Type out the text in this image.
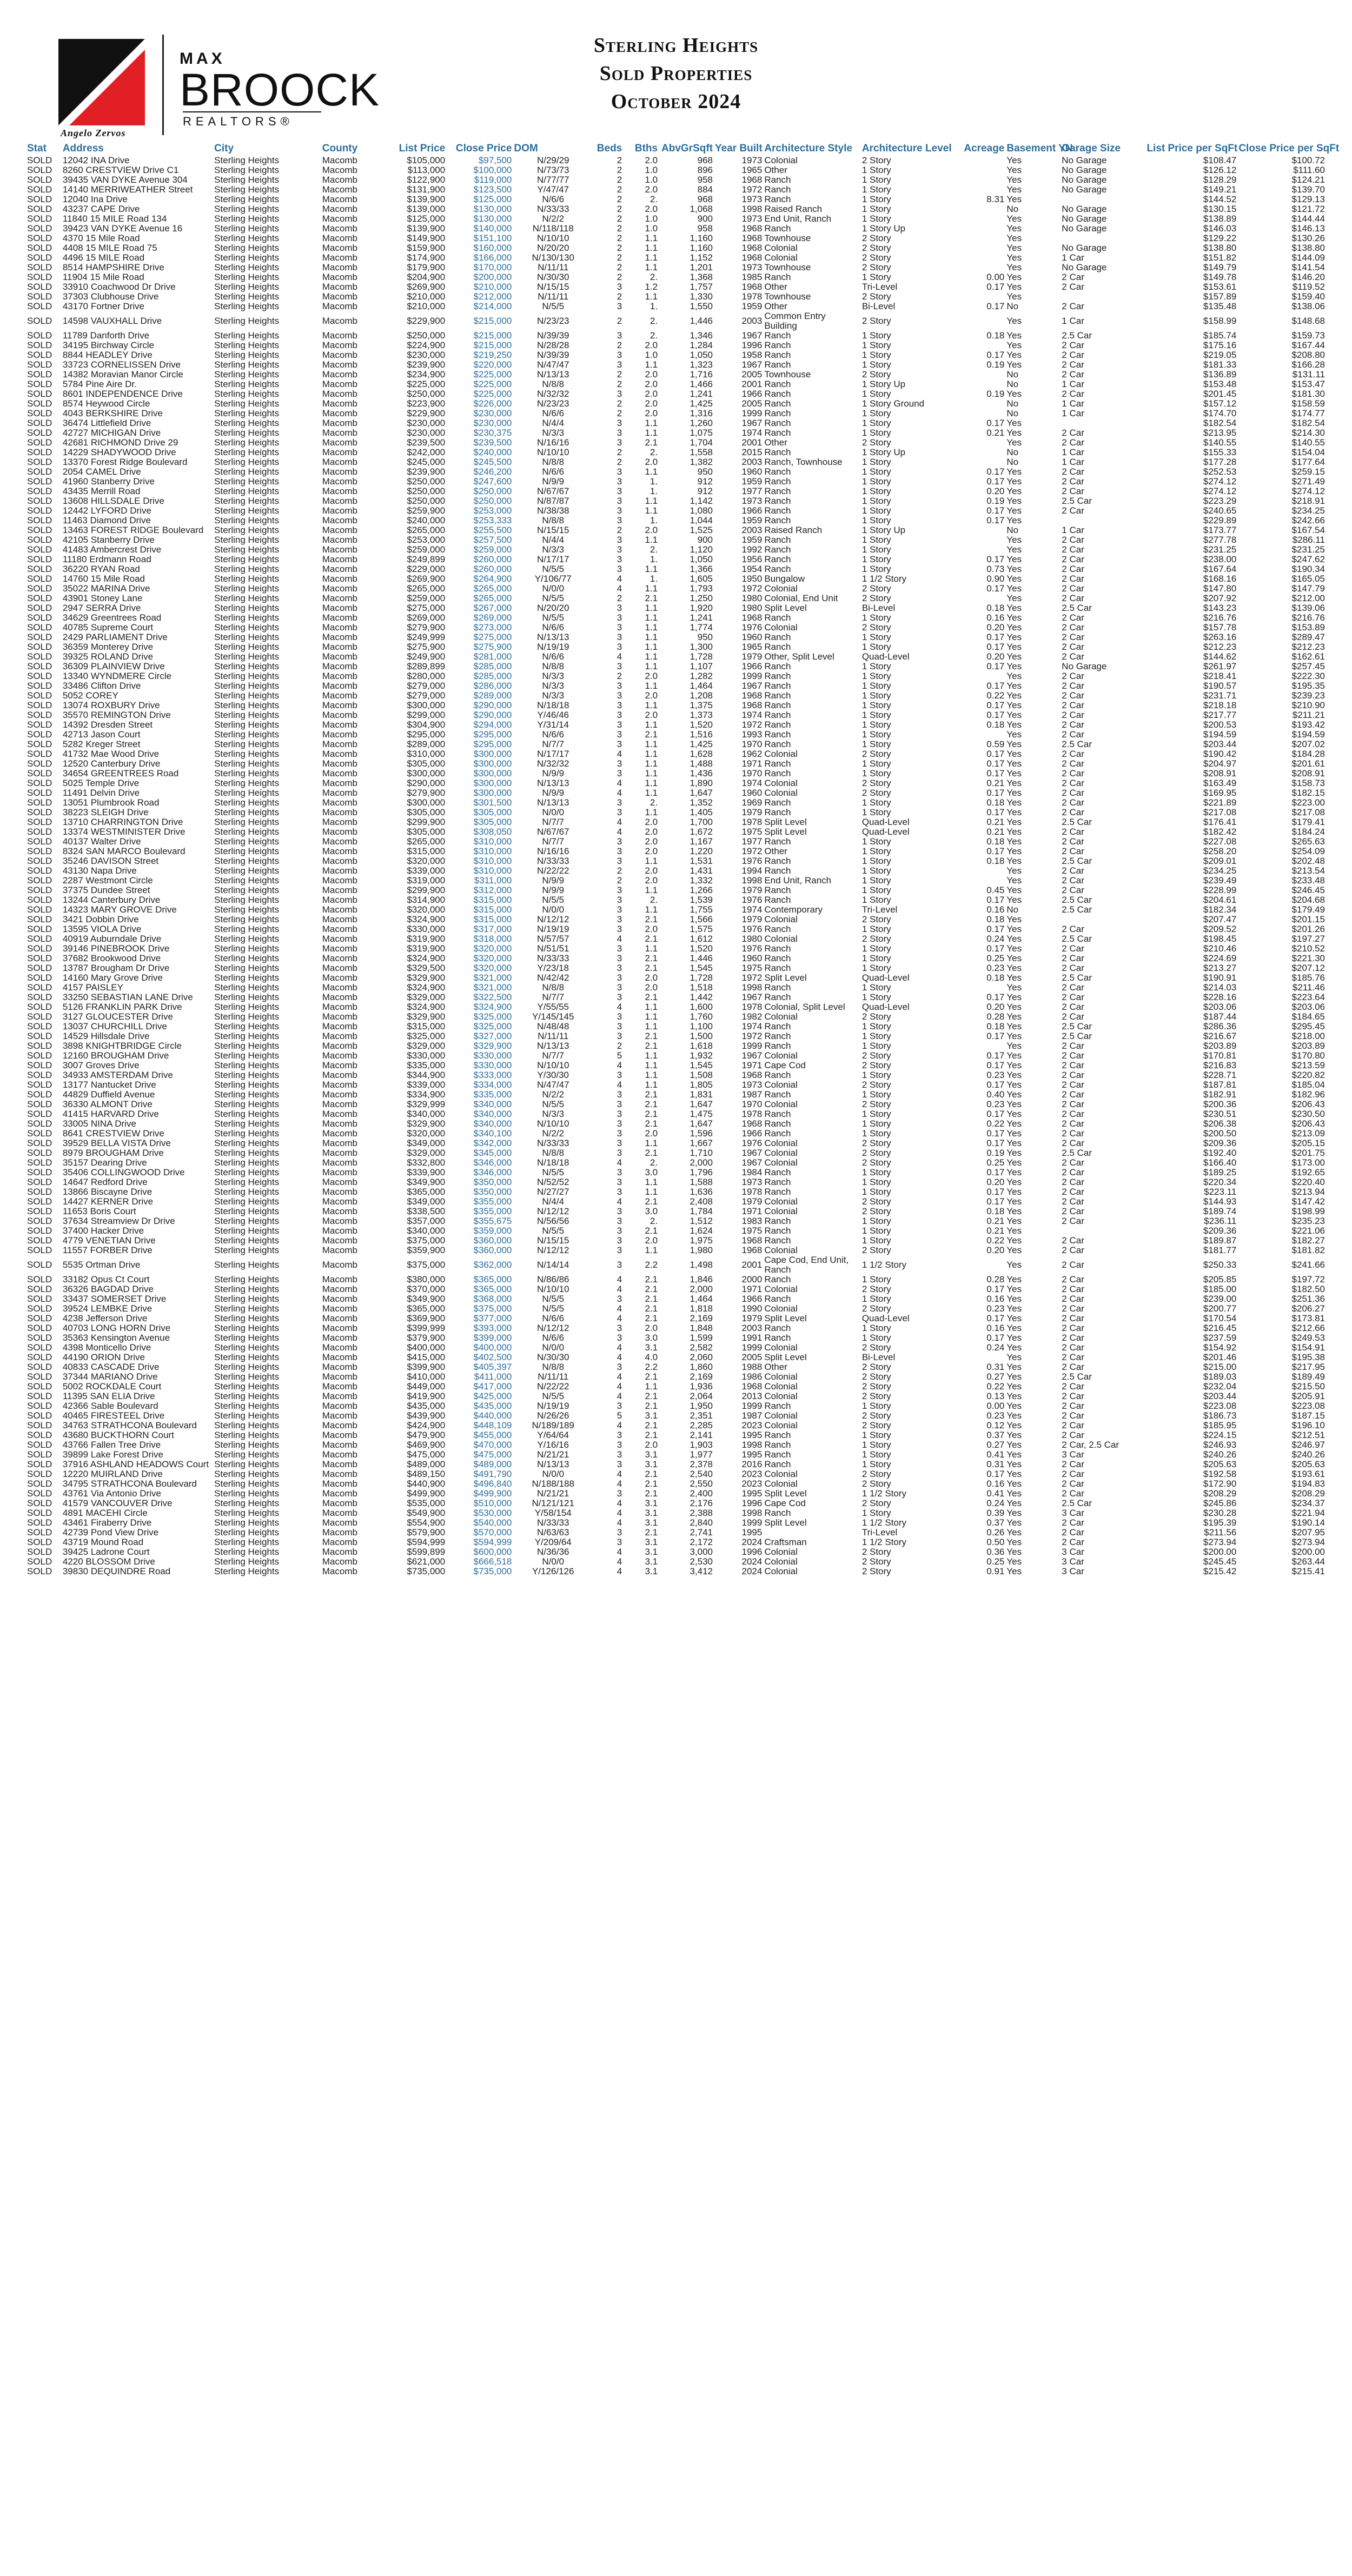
Angelo Zervos
MAX
BROOCK
REALTORS®
Sterling Heights
Sold Properties
October 2024
Stat	Address	City	County	List Price	Close Price	DOM	Beds	Bths	AbvGrSqft	Year Built	Architecture Style	Architecture Level	Acreage	Basement YN	Garage Size	List Price per SqFt	Close Price per SqFt
SOLD	12042 INA Drive	Sterling Heights	Macomb	$105,000	$97,500	N/29/29	2	2.0	968	1973	Colonial	2 Story		Yes	No Garage	$108.47	$100.72
SOLD	8260 CRESTVIEW Drive C1	Sterling Heights	Macomb	$113,000	$100,000	N/73/73	2	1.0	896	1965	Other	1 Story		Yes	No Garage	$126.12	$111.60
SOLD	39435 VAN DYKE Avenue 304	Sterling Heights	Macomb	$122,900	$119,000	N/77/77	2	1.0	958	1968	Ranch	1 Story		Yes	No Garage	$128.29	$124.21
SOLD	14140 MERRIWEATHER Street	Sterling Heights	Macomb	$131,900	$123,500	Y/47/47	2	2.0	884	1972	Ranch	1 Story		Yes	No Garage	$149.21	$139.70
SOLD	12040 Ina Drive	Sterling Heights	Macomb	$139,900	$125,000	N/6/6	2	2.	968	1973	Ranch	1 Story	8.31	Yes		$144.52	$129.13
SOLD	43237 CAPE Drive	Sterling Heights	Macomb	$139,000	$130,000	N/33/33	2	2.0	1,068	1998	Raised Ranch	1 Story		No	No Garage	$130.15	$121.72
SOLD	11840 15 MILE Road 134	Sterling Heights	Macomb	$125,000	$130,000	N/2/2	2	1.0	900	1973	End Unit, Ranch	1 Story		Yes	No Garage	$138.89	$144.44
SOLD	39423 VAN DYKE Avenue 16	Sterling Heights	Macomb	$139,900	$140,000	N/118/118	2	1.0	958	1968	Ranch	1 Story Up		Yes	No Garage	$146.03	$146.13
SOLD	4370 15 Mile Road	Sterling Heights	Macomb	$149,900	$151,100	N/10/10	2	1.1	1,160	1968	Townhouse	2 Story		Yes		$129.22	$130.26
SOLD	4408 15 MILE Road 75	Sterling Heights	Macomb	$159,900	$160,000	N/20/20	2	1.1	1,160	1968	Colonial	2 Story		Yes	No Garage	$138.80	$138.80
SOLD	4496 15 MILE Road	Sterling Heights	Macomb	$174,900	$166,000	N/130/130	2	1.1	1,152	1968	Colonial	2 Story		Yes	1 Car	$151.82	$144.09
SOLD	8514 HAMPSHIRE Drive	Sterling Heights	Macomb	$179,900	$170,000	N/11/11	2	1.1	1,201	1973	Townhouse	2 Story		Yes	No Garage	$149.79	$141.54
SOLD	11904 15 Mile Road	Sterling Heights	Macomb	$204,900	$200,000	N/30/30	2	2.	1,368	1985	Ranch	1 Story	0.00	Yes	2 Car	$149.78	$146.20
SOLD	33910 Coachwood Dr Drive	Sterling Heights	Macomb	$269,900	$210,000	N/15/15	3	1.2	1,757	1968	Other	Tri-Level	0.17	Yes	2 Car	$153.61	$119.52
SOLD	37303 Clubhouse Drive	Sterling Heights	Macomb	$210,000	$212,000	N/11/11	2	1.1	1,330	1978	Townhouse	2 Story		Yes		$157.89	$159.40
SOLD	43170 Fortner Drive	Sterling Heights	Macomb	$210,000	$214,000	N/5/5	3	1.	1,550	1959	Other	Bi-Level	0.17	No	2 Car	$135.48	$138.06
SOLD	14598 VAUXHALL Drive	Sterling Heights	Macomb	$229,900	$215,000	N/23/23	2	2.	1,446	2003	Common Entry Building	2 Story		Yes	1 Car	$158.99	$148.68
SOLD	11789 Danforth Drive	Sterling Heights	Macomb	$250,000	$215,000	N/39/39	3	2.	1,346	1967	Ranch	1 Story	0.18	Yes	2.5 Car	$185.74	$159.73
SOLD	34195 Birchway Circle	Sterling Heights	Macomb	$224,900	$215,000	N/28/28	2	2.0	1,284	1996	Ranch	1 Story		Yes	2 Car	$175.16	$167.44
SOLD	8844 HEADLEY Drive	Sterling Heights	Macomb	$230,000	$219,250	N/39/39	3	1.0	1,050	1958	Ranch	1 Story	0.17	Yes	2 Car	$219.05	$208.80
SOLD	33723 CORNELISSEN Drive	Sterling Heights	Macomb	$239,900	$220,000	N/47/47	3	1.1	1,323	1967	Ranch	1 Story	0.19	Yes	2 Car	$181.33	$166.28
SOLD	14382 Moravian Manor Circle	Sterling Heights	Macomb	$234,900	$225,000	N/13/13	2	2.0	1,716	2005	Townhouse	2 Story		No	2 Car	$136.89	$131.11
SOLD	5784 Pine Aire Dr.	Sterling Heights	Macomb	$225,000	$225,000	N/8/8	2	2.0	1,466	2001	Ranch	1 Story Up		No	1 Car	$153.48	$153.47
SOLD	8601 INDEPENDENCE Drive	Sterling Heights	Macomb	$250,000	$225,000	N/32/32	3	2.0	1,241	1966	Ranch	1 Story	0.19	Yes	2 Car	$201.45	$181.30
SOLD	8574 Heywood Circle	Sterling Heights	Macomb	$223,900	$226,000	N/23/23	2	2.0	1,425	2005	Ranch	1 Story Ground		No	1 Car	$157.12	$158.59
SOLD	4043 BERKSHIRE Drive	Sterling Heights	Macomb	$229,900	$230,000	N/6/6	2	2.0	1,316	1999	Ranch	1 Story		No	1 Car	$174.70	$174.77
SOLD	36474 Littlefield Drive	Sterling Heights	Macomb	$230,000	$230,000	N/4/4	3	1.1	1,260	1967	Ranch	1 Story	0.17	Yes		$182.54	$182.54
SOLD	42727 MICHIGAN Drive	Sterling Heights	Macomb	$230,000	$230,375	N/3/3	3	1.1	1,075	1974	Ranch	1 Story	0.21	Yes	2 Car	$213.95	$214.30
SOLD	42681 RICHMOND Drive 29	Sterling Heights	Macomb	$239,500	$239,500	N/16/16	3	2.1	1,704	2001	Other	2 Story		Yes	2 Car	$140.55	$140.55
SOLD	14229 SHADYWOOD Drive	Sterling Heights	Macomb	$242,000	$240,000	N/10/10	2	2.	1,558	2015	Ranch	1 Story Up		No	1 Car	$155.33	$154.04
SOLD	13370 Forest Ridge Boulevard	Sterling Heights	Macomb	$245,000	$245,500	N/8/8	2	2.0	1,382	2003	Ranch, Townhouse	1 Story		No	1 Car	$177.28	$177.64
SOLD	2054 CAMEL Drive	Sterling Heights	Macomb	$239,900	$246,200	N/6/6	3	1.1	950	1960	Ranch	1 Story	0.17	Yes	2 Car	$252.53	$259.15
SOLD	41960 Stanberry Drive	Sterling Heights	Macomb	$250,000	$247,600	N/9/9	3	1.	912	1959	Ranch	1 Story	0.17	Yes	2 Car	$274.12	$271.49
SOLD	43435 Merrill Road	Sterling Heights	Macomb	$250,000	$250,000	N/67/67	3	1.	912	1977	Ranch	1 Story	0.20	Yes	2 Car	$274.12	$274.12
SOLD	13608 HILLSDALE Drive	Sterling Heights	Macomb	$250,000	$250,000	N/87/87	3	1.1	1,142	1973	Ranch	1 Story	0.19	Yes	2.5 Car	$223.29	$218.91
SOLD	12442 LYFORD Drive	Sterling Heights	Macomb	$259,900	$253,000	N/38/38	3	1.1	1,080	1966	Ranch	1 Story	0.17	Yes	2 Car	$240.65	$234.25
SOLD	11463 Diamond Drive	Sterling Heights	Macomb	$240,000	$253,333	N/8/8	3	1.	1,044	1959	Ranch	1 Story	0.17	Yes		$229.89	$242.66
SOLD	13463 FOREST RIDGE Boulevard	Sterling Heights	Macomb	$265,000	$255,500	N/15/15	2	2.0	1,525	2003	Raised Ranch	1 Story Up		No	1 Car	$173.77	$167.54
SOLD	42105 Stanberry Drive	Sterling Heights	Macomb	$253,000	$257,500	N/4/4	3	1.1	900	1959	Ranch	1 Story		Yes	2 Car	$277.78	$286.11
SOLD	41483 Ambercrest Drive	Sterling Heights	Macomb	$259,000	$259,000	N/3/3	3	2.	1,120	1992	Ranch	1 Story		Yes	2 Car	$231.25	$231.25
SOLD	11180 Erdmann Road	Sterling Heights	Macomb	$249,899	$260,000	N/17/17	3	1.	1,050	1956	Ranch	1 Story	0.17	Yes	2 Car	$238.00	$247.62
SOLD	36220 RYAN Road	Sterling Heights	Macomb	$229,000	$260,000	N/5/5	3	1.1	1,366	1954	Ranch	1 Story	0.73	Yes	2 Car	$167.64	$190.34
SOLD	14760 15 Mile Road	Sterling Heights	Macomb	$269,900	$264,900	Y/106/77	4	1.	1,605	1950	Bungalow	1 1/2 Story	0.90	Yes	2 Car	$168.16	$165.05
SOLD	35022 MARINA Drive	Sterling Heights	Macomb	$265,000	$265,000	N/0/0	4	1.1	1,793	1972	Colonial	2 Story	0.17	Yes	2 Car	$147.80	$147.79
SOLD	43901 Stoney Lane	Sterling Heights	Macomb	$259,000	$265,000	N/5/5	2	2.1	1,250	1980	Colonial, End Unit	2 Story		Yes	2 Car	$207.92	$212.00
SOLD	2947 SERRA Drive	Sterling Heights	Macomb	$275,000	$267,000	N/20/20	3	1.1	1,920	1980	Split Level	Bi-Level	0.18	Yes	2.5 Car	$143.23	$139.06
SOLD	34629 Greentrees Road	Sterling Heights	Macomb	$269,000	$269,000	N/5/5	3	1.1	1,241	1968	Ranch	1 Story	0.16	Yes	2 Car	$216.76	$216.76
SOLD	40785 Supreme Court	Sterling Heights	Macomb	$279,900	$273,000	N/6/6	3	1.1	1,774	1976	Colonial	2 Story	0.20	Yes	2 Car	$157.78	$153.89
SOLD	2429 PARLIAMENT Drive	Sterling Heights	Macomb	$249,999	$275,000	N/13/13	3	1.1	950	1960	Ranch	1 Story	0.17	Yes	2 Car	$263.16	$289.47
SOLD	36359 Monterey Drive	Sterling Heights	Macomb	$275,900	$275,900	N/19/19	3	1.1	1,300	1965	Ranch	1 Story	0.17	Yes	2 Car	$212.23	$212.23
SOLD	39325 ROLAND Drive	Sterling Heights	Macomb	$249,900	$281,000	N/6/6	4	1.1	1,728	1979	Other, Split Level	Quad-Level	0.20	Yes	2 Car	$144.62	$162.61
SOLD	36309 PLAINVIEW Drive	Sterling Heights	Macomb	$289,899	$285,000	N/8/8	3	1.1	1,107	1966	Ranch	1 Story	0.17	Yes	No Garage	$261.97	$257.45
SOLD	13340 WYNDMERE Circle	Sterling Heights	Macomb	$280,000	$285,000	N/3/3	2	2.0	1,282	1999	Ranch	1 Story		Yes	2 Car	$218.41	$222.30
SOLD	33486 Clifton Drive	Sterling Heights	Macomb	$279,000	$286,000	N/3/3	3	1.1	1,464	1967	Ranch	1 Story	0.17	Yes	2 Car	$190.57	$195.35
SOLD	5052 COREY	Sterling Heights	Macomb	$279,000	$289,000	N/3/3	3	2.0	1,208	1968	Ranch	1 Story	0.22	Yes	2 Car	$231.71	$239.23
SOLD	13074 ROXBURY Drive	Sterling Heights	Macomb	$300,000	$290,000	N/18/18	3	1.1	1,375	1968	Ranch	1 Story	0.17	Yes	2 Car	$218.18	$210.90
SOLD	35570 REMINGTON Drive	Sterling Heights	Macomb	$299,000	$290,000	Y/46/46	3	2.0	1,373	1974	Ranch	1 Story	0.17	Yes	2 Car	$217.77	$211.21
SOLD	14392 Dresden Street	Sterling Heights	Macomb	$304,900	$294,000	Y/31/14	3	1.1	1,520	1972	Ranch	1 Story	0.18	Yes	2 Car	$200.53	$193.42
SOLD	42713 Jason Court	Sterling Heights	Macomb	$295,000	$295,000	N/6/6	3	2.1	1,516	1993	Ranch	1 Story		Yes	2 Car	$194.59	$194.59
SOLD	5282 Kreger Street	Sterling Heights	Macomb	$289,000	$295,000	N/7/7	3	1.1	1,425	1970	Ranch	1 Story	0.59	Yes	2.5 Car	$203.44	$207.02
SOLD	41732 Mae Wood Drive	Sterling Heights	Macomb	$310,000	$300,000	N/17/17	4	1.1	1,628	1962	Colonial	2 Story	0.17	Yes	2 Car	$190.42	$184.28
SOLD	12520 Canterbury Drive	Sterling Heights	Macomb	$305,000	$300,000	N/32/32	3	1.1	1,488	1971	Ranch	1 Story	0.17	Yes	2 Car	$204.97	$201.61
SOLD	34654 GREENTREES Road	Sterling Heights	Macomb	$300,000	$300,000	N/9/9	3	1.1	1,436	1970	Ranch	1 Story	0.17	Yes	2 Car	$208.91	$208.91
SOLD	5025 Temple Drive	Sterling Heights	Macomb	$290,000	$300,000	N/13/13	4	1.1	1,890	1974	Colonial	2 Story	0.21	Yes	2 Car	$163.49	$158.73
SOLD	11491 Delvin Drive	Sterling Heights	Macomb	$279,900	$300,000	N/9/9	4	1.1	1,647	1960	Colonial	2 Story	0.17	Yes	2 Car	$169.95	$182.15
SOLD	13051 Plumbrook Road	Sterling Heights	Macomb	$300,000	$301,500	N/13/13	3	2.	1,352	1969	Ranch	1 Story	0.18	Yes	2 Car	$221.89	$223.00
SOLD	38223 SLEIGH Drive	Sterling Heights	Macomb	$305,000	$305,000	N/0/0	3	1.1	1,405	1979	Ranch	1 Story	0.17	Yes	2 Car	$217.08	$217.08
SOLD	13710 CHARRINGTON Drive	Sterling Heights	Macomb	$299,900	$305,000	N/7/7	4	2.0	1,700	1978	Split Level	Quad-Level	0.21	Yes	2.5 Car	$176.41	$179.41
SOLD	13374 WESTMINISTER Drive	Sterling Heights	Macomb	$305,000	$308,050	N/67/67	4	2.0	1,672	1975	Split Level	Quad-Level	0.21	Yes	2 Car	$182.42	$184.24
SOLD	40137 Walter Drive	Sterling Heights	Macomb	$265,000	$310,000	N/7/7	3	2.0	1,167	1977	Ranch	1 Story	0.18	Yes	2 Car	$227.08	$265.63
SOLD	8324 SAN MARCO Boulevard	Sterling Heights	Macomb	$315,000	$310,000	N/16/16	3	2.0	1,220	1972	Other	1 Story	0.17	Yes	2 Car	$258.20	$254.09
SOLD	35246 DAVISON Street	Sterling Heights	Macomb	$320,000	$310,000	N/33/33	3	1.1	1,531	1976	Ranch	1 Story	0.18	Yes	2.5 Car	$209.01	$202.48
SOLD	43130 Napa Drive	Sterling Heights	Macomb	$339,000	$310,000	N/22/22	2	2.0	1,431	1994	Ranch	1 Story		Yes	2 Car	$234.25	$213.54
SOLD	2287 Westmont Circle	Sterling Heights	Macomb	$319,000	$311,000	N/9/9	2	2.0	1,332	1998	End Unit, Ranch	1 Story		Yes	2 Car	$239.49	$233.48
SOLD	37375 Dundee Street	Sterling Heights	Macomb	$299,900	$312,000	N/9/9	3	1.1	1,266	1979	Ranch	1 Story	0.45	Yes	2 Car	$228.99	$246.45
SOLD	13244 Canterbury Drive	Sterling Heights	Macomb	$314,900	$315,000	N/5/5	3	2.	1,539	1976	Ranch	1 Story	0.17	Yes	2.5 Car	$204.61	$204.68
SOLD	14323 MARY GROVE Drive	Sterling Heights	Macomb	$320,000	$315,000	N/0/0	3	1.1	1,755	1974	Contemporary	Tri-Level	0.16	No	2.5 Car	$182.34	$179.49
SOLD	3421 Dobbin Drive	Sterling Heights	Macomb	$324,900	$315,000	N/12/12	3	2.1	1,566	1979	Colonial	2 Story	0.18	Yes		$207.47	$201.15
SOLD	13595 VIOLA Drive	Sterling Heights	Macomb	$330,000	$317,000	N/19/19	3	2.0	1,575	1976	Ranch	1 Story	0.17	Yes	2 Car	$209.52	$201.26
SOLD	40919 Auburndale Drive	Sterling Heights	Macomb	$319,900	$318,000	N/57/57	4	2.1	1,612	1980	Colonial	2 Story	0.24	Yes	2.5 Car	$198.45	$197.27
SOLD	39146 PINEBROOK Drive	Sterling Heights	Macomb	$319,900	$320,000	N/51/51	3	1.1	1,520	1976	Ranch	1 Story	0.17	Yes	2 Car	$210.46	$210.52
SOLD	37682 Brookwood Drive	Sterling Heights	Macomb	$324,900	$320,000	N/33/33	3	2.1	1,446	1960	Ranch	1 Story	0.25	Yes	2 Car	$224.69	$221.30
SOLD	13787 Brougham Dr Drive	Sterling Heights	Macomb	$329,500	$320,000	Y/23/18	3	2.1	1,545	1975	Ranch	1 Story	0.23	Yes	2 Car	$213.27	$207.12
SOLD	14160 Mary Grove Drive	Sterling Heights	Macomb	$329,900	$321,000	N/42/42	3	2.0	1,728	1972	Split Level	Quad-Level	0.18	Yes	2.5 Car	$190.91	$185.76
SOLD	4157 PAISLEY	Sterling Heights	Macomb	$324,900	$321,000	N/8/8	3	2.0	1,518	1998	Ranch	1 Story		Yes	2 Car	$214.03	$211.46
SOLD	33250 SEBASTIAN LANE Drive	Sterling Heights	Macomb	$329,000	$322,500	N/7/7	3	2.1	1,442	1967	Ranch	1 Story	0.17	Yes	2 Car	$228.16	$223.64
SOLD	5126 FRANKLIN PARK Drive	Sterling Heights	Macomb	$324,900	$324,900	Y/55/55	4	1.1	1,600	1978	Colonial, Split Level	Quad-Level	0.20	Yes	2 Car	$203.06	$203.06
SOLD	3127 GLOUCESTER Drive	Sterling Heights	Macomb	$329,900	$325,000	Y/145/145	3	1.1	1,760	1982	Colonial	2 Story	0.28	Yes	2 Car	$187.44	$184.65
SOLD	13037 CHURCHILL Drive	Sterling Heights	Macomb	$315,000	$325,000	N/48/48	3	1.1	1,100	1974	Ranch	1 Story	0.18	Yes	2.5 Car	$286.36	$295.45
SOLD	14529 Hillsdale Drive	Sterling Heights	Macomb	$325,000	$327,000	N/11/11	3	2.1	1,500	1972	Ranch	1 Story	0.17	Yes	2.5 Car	$216.67	$218.00
SOLD	3898 KNIGHTBRIDGE Circle	Sterling Heights	Macomb	$329,000	$329,900	N/13/13	2	2.1	1,618	1999	Ranch	1 Story		Yes	2 Car	$203.89	$203.89
SOLD	12160 BROUGHAM Drive	Sterling Heights	Macomb	$330,000	$330,000	N/7/7	5	1.1	1,932	1967	Colonial	2 Story	0.17	Yes	2 Car	$170.81	$170.80
SOLD	3007 Groves Drive	Sterling Heights	Macomb	$335,000	$330,000	N/10/10	4	1.1	1,545	1971	Cape Cod	2 Story	0.17	Yes	2 Car	$216.83	$213.59
SOLD	34933 AMSTERDAM Drive	Sterling Heights	Macomb	$344,900	$333,000	Y/30/30	3	1.1	1,508	1968	Ranch	1 Story	0.23	Yes	2 Car	$228.71	$220.82
SOLD	13177 Nantucket Drive	Sterling Heights	Macomb	$339,000	$334,000	N/47/47	4	1.1	1,805	1973	Colonial	2 Story	0.17	Yes	2 Car	$187.81	$185.04
SOLD	44829 Duffield Avenue	Sterling Heights	Macomb	$334,900	$335,000	N/2/2	3	2.1	1,831	1987	Ranch	1 Story	0.40	Yes	2 Car	$182.91	$182.96
SOLD	36330 ALMONT Drive	Sterling Heights	Macomb	$329,999	$340,000	N/5/5	3	2.1	1,647	1970	Colonial	2 Story	0.23	Yes	2 Car	$200.36	$206.43
SOLD	41415 HARVARD Drive	Sterling Heights	Macomb	$340,000	$340,000	N/3/3	3	2.1	1,475	1978	Ranch	1 Story	0.17	Yes	2 Car	$230.51	$230.50
SOLD	33005 NINA Drive	Sterling Heights	Macomb	$329,900	$340,000	N/10/10	3	2.1	1,647	1968	Ranch	1 Story	0.22	Yes	2 Car	$206.38	$206.43
SOLD	8641 CRESTVIEW Drive	Sterling Heights	Macomb	$320,000	$340,100	N/2/2	3	2.0	1,596	1966	Ranch	1 Story	0.17	Yes	2 Car	$200.50	$213.09
SOLD	39529 BELLA VISTA Drive	Sterling Heights	Macomb	$349,000	$342,000	N/33/33	3	1.1	1,667	1976	Colonial	2 Story	0.17	Yes	2 Car	$209.36	$205.15
SOLD	8979 BROUGHAM Drive	Sterling Heights	Macomb	$329,000	$345,000	N/8/8	3	2.1	1,710	1967	Colonial	2 Story	0.19	Yes	2.5 Car	$192.40	$201.75
SOLD	35157 Dearing Drive	Sterling Heights	Macomb	$332,800	$346,000	N/18/18	4	2.	2,000	1967	Colonial	2 Story	0.25	Yes	2 Car	$166.40	$173.00
SOLD	35406 COLLINGWOOD Drive	Sterling Heights	Macomb	$339,900	$346,000	N/5/5	3	3.0	1,796	1984	Ranch	1 Story	0.17	Yes	2 Car	$189.25	$192.65
SOLD	14647 Redford Drive	Sterling Heights	Macomb	$349,900	$350,000	N/52/52	3	1.1	1,588	1973	Ranch	1 Story	0.20	Yes	2 Car	$220.34	$220.40
SOLD	13866 Biscayne Drive	Sterling Heights	Macomb	$365,000	$350,000	N/27/27	3	1.1	1,636	1978	Ranch	1 Story	0.17	Yes	2 Car	$223.11	$213.94
SOLD	14427 KERNER Drive	Sterling Heights	Macomb	$349,000	$355,000	N/4/4	4	2.1	2,408	1979	Colonial	2 Story	0.17	Yes	2 Car	$144.93	$147.42
SOLD	11653 Boris Court	Sterling Heights	Macomb	$338,500	$355,000	N/12/12	3	3.0	1,784	1971	Colonial	2 Story	0.18	Yes	2 Car	$189.74	$198.99
SOLD	37634 Streamview Dr Drive	Sterling Heights	Macomb	$357,000	$355,675	N/56/56	3	2.	1,512	1983	Ranch	1 Story	0.21	Yes	2 Car	$236.11	$235.23
SOLD	37400 Hacker Drive	Sterling Heights	Macomb	$340,000	$359,000	N/5/5	3	2.1	1,624	1975	Ranch	1 Story	0.21	Yes		$209.36	$221.06
SOLD	4779 VENETIAN Drive	Sterling Heights	Macomb	$375,000	$360,000	N/15/15	3	2.0	1,975	1968	Ranch	1 Story	0.22	Yes	2 Car	$189.87	$182.27
SOLD	11557 FORBER Drive	Sterling Heights	Macomb	$359,900	$360,000	N/12/12	3	1.1	1,980	1968	Colonial	2 Story	0.20	Yes	2 Car	$181.77	$181.82
SOLD	5535 Ortman Drive	Sterling Heights	Macomb	$375,000	$362,000	N/14/14	3	2.2	1,498	2001	Cape Cod, End Unit, Ranch	1 1/2 Story		Yes	2 Car	$250.33	$241.66
SOLD	33182 Opus Ct Court	Sterling Heights	Macomb	$380,000	$365,000	N/86/86	4	2.1	1,846	2000	Ranch	1 Story	0.28	Yes	2 Car	$205.85	$197.72
SOLD	36326 BAGDAD Drive	Sterling Heights	Macomb	$370,000	$365,000	N/10/10	4	2.1	2,000	1971	Colonial	2 Story	0.17	Yes	2 Car	$185.00	$182.50
SOLD	33437 SOMERSET Drive	Sterling Heights	Macomb	$349,900	$368,000	N/5/5	3	2.1	1,464	1966	Ranch	1 Story	0.16	Yes	2 Car	$239.00	$251.36
SOLD	39524 LEMBKE Drive	Sterling Heights	Macomb	$365,000	$375,000	N/5/5	4	2.1	1,818	1990	Colonial	2 Story	0.23	Yes	2 Car	$200.77	$206.27
SOLD	4238 Jefferson Drive	Sterling Heights	Macomb	$369,900	$377,000	N/6/6	4	2.1	2,169	1979	Split Level	Quad-Level	0.17	Yes	2 Car	$170.54	$173.81
SOLD	40703 LONG HORN Drive	Sterling Heights	Macomb	$399,999	$393,000	N/12/12	3	2.0	1,848	2003	Ranch	1 Story	0.16	Yes	2 Car	$216.45	$212.66
SOLD	35363 Kensington Avenue	Sterling Heights	Macomb	$379,900	$399,000	N/6/6	3	3.0	1,599	1991	Ranch	1 Story	0.17	Yes	2 Car	$237.59	$249.53
SOLD	4398 Monticello Drive	Sterling Heights	Macomb	$400,000	$400,000	N/0/0	4	3.1	2,582	1999	Colonial	2 Story	0.24	Yes	2 Car	$154.92	$154.91
SOLD	44190 ORION Drive	Sterling Heights	Macomb	$415,000	$402,500	N/30/30	4	4.0	2,060	2005	Split Level	Bi-Level		Yes	2 Car	$201.46	$195.38
SOLD	40833 CASCADE Drive	Sterling Heights	Macomb	$399,900	$405,397	N/8/8	3	2.2	1,860	1988	Other	2 Story	0.31	Yes	2 Car	$215.00	$217.95
SOLD	37344 MARIANO Drive	Sterling Heights	Macomb	$410,000	$411,000	N/11/11	4	2.1	2,169	1986	Colonial	2 Story	0.27	Yes	2.5 Car	$189.03	$189.49
SOLD	5002 ROCKDALE Court	Sterling Heights	Macomb	$449,000	$417,000	N/22/22	4	1.1	1,936	1968	Colonial	2 Story	0.22	Yes	2 Car	$232.04	$215.50
SOLD	11395 SAN ELIA Drive	Sterling Heights	Macomb	$419,900	$425,000	N/5/5	4	2.1	2,064	2013	Colonial	2 Story	0.13	Yes	2 Car	$203.44	$205.91
SOLD	42366 Sable Boulevard	Sterling Heights	Macomb	$435,000	$435,000	N/19/19	3	2.1	1,950	1999	Ranch	1 Story	0.00	Yes	2 Car	$223.08	$223.08
SOLD	40465 FIRESTEEL Drive	Sterling Heights	Macomb	$439,900	$440,000	N/26/26	5	3.1	2,351	1987	Colonial	2 Story	0.23	Yes	2 Car	$186.73	$187.15
SOLD	34763 STRATHCONA Boulevard	Sterling Heights	Macomb	$424,900	$448,109	N/189/189	4	2.1	2,285	2023	Colonial	2 Story	0.12	Yes	2 Car	$185.95	$196.10
SOLD	43680 BUCKTHORN Court	Sterling Heights	Macomb	$479,900	$455,000	Y/64/64	3	2.1	2,141	1995	Ranch	1 Story	0.37	Yes	2 Car	$224.15	$212.51
SOLD	43766 Fallen Tree Drive	Sterling Heights	Macomb	$469,900	$470,000	Y/16/16	3	2.0	1,903	1998	Ranch	1 Story	0.27	Yes	2 Car, 2.5 Car	$246.93	$246.97
SOLD	39899 Lake Forest Drive	Sterling Heights	Macomb	$475,000	$475,000	N/21/21	3	3.1	1,977	1995	Ranch	1 Story	0.41	Yes	3 Car	$240.26	$240.26
SOLD	37916 ASHLAND HEADOWS Court	Sterling Heights	Macomb	$489,000	$489,000	N/13/13	3	3.1	2,378	2016	Ranch	1 Story	0.31	Yes	2 Car	$205.63	$205.63
SOLD	12220 MUIRLAND Drive	Sterling Heights	Macomb	$489,150	$491,790	N/0/0	4	2.1	2,540	2023	Colonial	2 Story	0.17	Yes	2 Car	$192.58	$193.61
SOLD	34795 STRATHCONA Boulevard	Sterling Heights	Macomb	$440,900	$496,840	N/188/188	4	2.1	2,550	2023	Colonial	2 Story	0.16	Yes	2 Car	$172.90	$194.83
SOLD	43761 Via Antonio Drive	Sterling Heights	Macomb	$499,900	$499,900	N/21/21	3	2.1	2,400	1995	Split Level	1 1/2 Story	0.41	Yes	2 Car	$208.29	$208.29
SOLD	41579 VANCOUVER Drive	Sterling Heights	Macomb	$535,000	$510,000	N/121/121	4	3.1	2,176	1996	Cape Cod	2 Story	0.24	Yes	2.5 Car	$245.86	$234.37
SOLD	4891 MACEHI Circle	Sterling Heights	Macomb	$549,900	$530,000	Y/58/154	4	3.1	2,388	1998	Ranch	1 Story	0.39	Yes	3 Car	$230.28	$221.94
SOLD	43461 Firaberry Drive	Sterling Heights	Macomb	$554,900	$540,000	N/33/33	4	3.1	2,840	1999	Split Level	1 1/2 Story	0.37	Yes	2 Car	$195.39	$190.14
SOLD	42739 Pond View Drive	Sterling Heights	Macomb	$579,900	$570,000	N/63/63	3	2.1	2,741	1995		Tri-Level	0.26	Yes	2 Car	$211.56	$207.95
SOLD	43719 Mound Road	Sterling Heights	Macomb	$594,999	$594,999	Y/209/64	3	3.1	2,172	2024	Craftsman	1 1/2 Story	0.50	Yes	2 Car	$273.94	$273.94
SOLD	39425 Ladrone Court	Sterling Heights	Macomb	$599,899	$600,000	N/36/36	4	3.1	3,000	1996	Colonial	2 Story	0.36	Yes	3 Car	$200.00	$200.00
SOLD	4220 BLOSSOM Drive	Sterling Heights	Macomb	$621,000	$666,518	N/0/0	4	3.1	2,530	2024	Colonial	2 Story	0.25	Yes	3 Car	$245.45	$263.44
SOLD	39830 DEQUINDRE Road	Sterling Heights	Macomb	$735,000	$735,000	Y/126/126	4	3.1	3,412	2024	Colonial	2 Story	0.91	Yes	3 Car	$215.42	$215.41
